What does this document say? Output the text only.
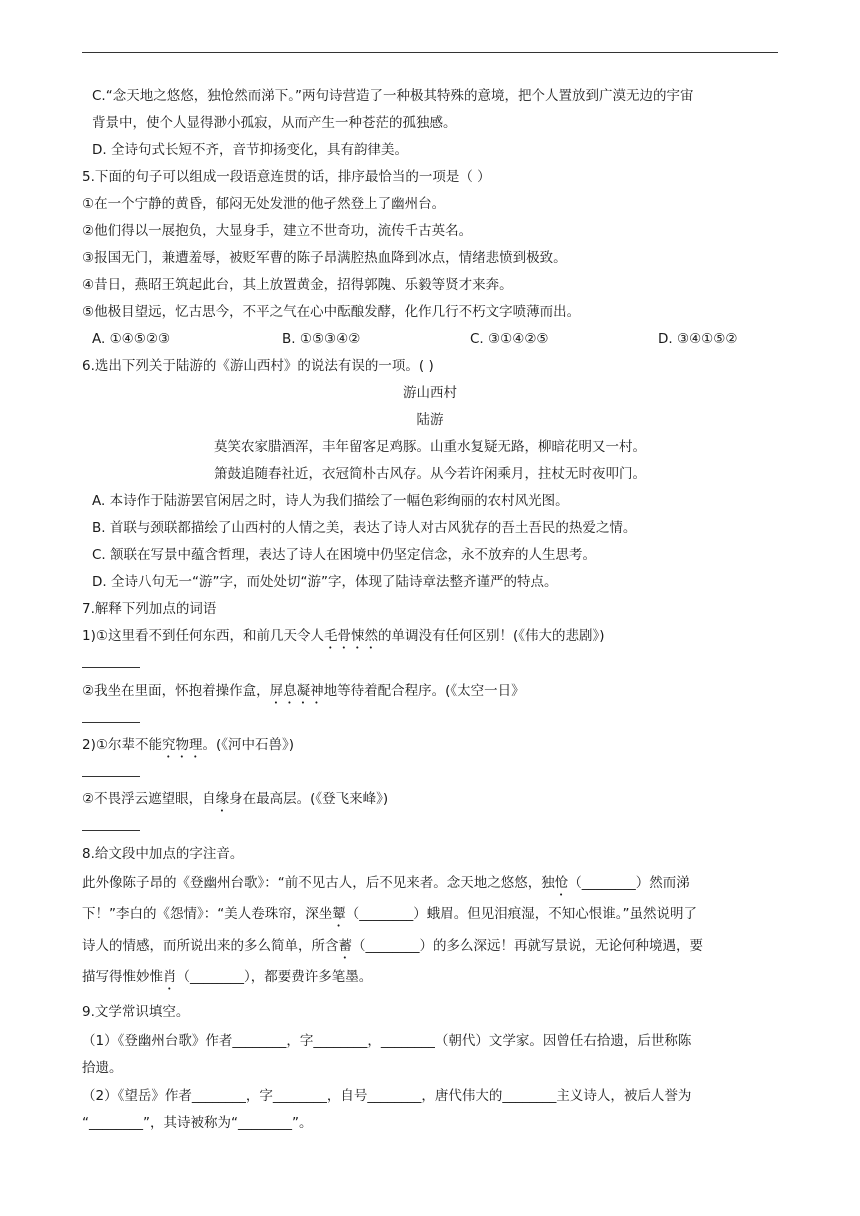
C.“念天地之悠悠，独怆然而涕下。”两句诗营造了一种极其特殊的意境，把个人置放到广漠无边的宇宙
背景中，使个人显得渺小孤寂，从而产生一种苍茫的孤独感。
D. 全诗句式长短不齐，音节抑扬变化，具有韵律美。
5.下面的句子可以组成一段语意连贯的话，排序最恰当的一项是（ ）
①在一个宁静的黄昏，郁闷无处发泄的他孑然登上了幽州台。
②他们得以一展抱负，大显身手，建立不世奇功，流传千古英名。
③报国无门，兼遭羞辱，被贬军曹的陈子昂满腔热血降到冰点，情绪悲愤到极致。
④昔日，燕昭王筑起此台，其上放置黄金，招得郭隗、乐毅等贤才来奔。
⑤他极目望远，忆古思今，不平之气在心中酝酿发酵，化作几行不朽文字喷薄而出。
A. ①④⑤②③	B. ①⑤③④②	C. ③①④②⑤	D. ③④①⑤②
6.选出下列关于陆游的《游山西村》的说法有误的一项。( )
游山西村
陆游
莫笑农家腊酒浑，丰年留客足鸡豚。山重水复疑无路，柳暗花明又一村。
箫鼓追随春社近，衣冠简朴古风存。从今若许闲乘月，拄杖无时夜叩门。
A. 本诗作于陆游罢官闲居之时，诗人为我们描绘了一幅色彩绚丽的农村风光图。
B. 首联与颈联都描绘了山西村的人情之美，表达了诗人对古风犹存的吾土吾民的热爱之情。
C. 颔联在写景中蕴含哲理，表达了诗人在困境中仍坚定信念，永不放弃的人生思考。
D. 全诗八句无一“游”字，而处处切“游”字，体现了陆诗章法整齐谨严的特点。
7.解释下列加点的词语
1)①这里看不到任何东西，和前几天令人毛骨悚然的单调没有任何区别！(《伟大的悲剧》)
②我坐在里面，怀抱着操作盒，屏息凝神地等待着配合程序。(《太空一日》
2)①尔辈不能究物理。(《河中石兽》)
②不畏浮云遮望眼，自缘身在最高层。(《登飞来峰》)
8.给文段中加点的字注音。
此外像陈子昂的《登幽州台歌》：“前不见古人，后不见来者。念天地之悠悠，独怆（________）然而涕
下！”李白的《怨情》：“美人卷珠帘，深坐颦（________）蛾眉。但见泪痕湿，不知心恨谁。”虽然说明了
诗人的情感，而所说出来的多么简单，所含蓄（________）的多么深远！再就写景说，无论何种境遇，要
描写得惟妙惟肖（________），都要费许多笔墨。
9.文学常识填空。
（1）《登幽州台歌》作者________，字________，________（朝代）文学家。因曾任右拾遗，后世称陈
拾遗。
（2）《望岳》作者________，字________，自号________，唐代伟大的________主义诗人，被后人誉为
“________”，其诗被称为“________”。
